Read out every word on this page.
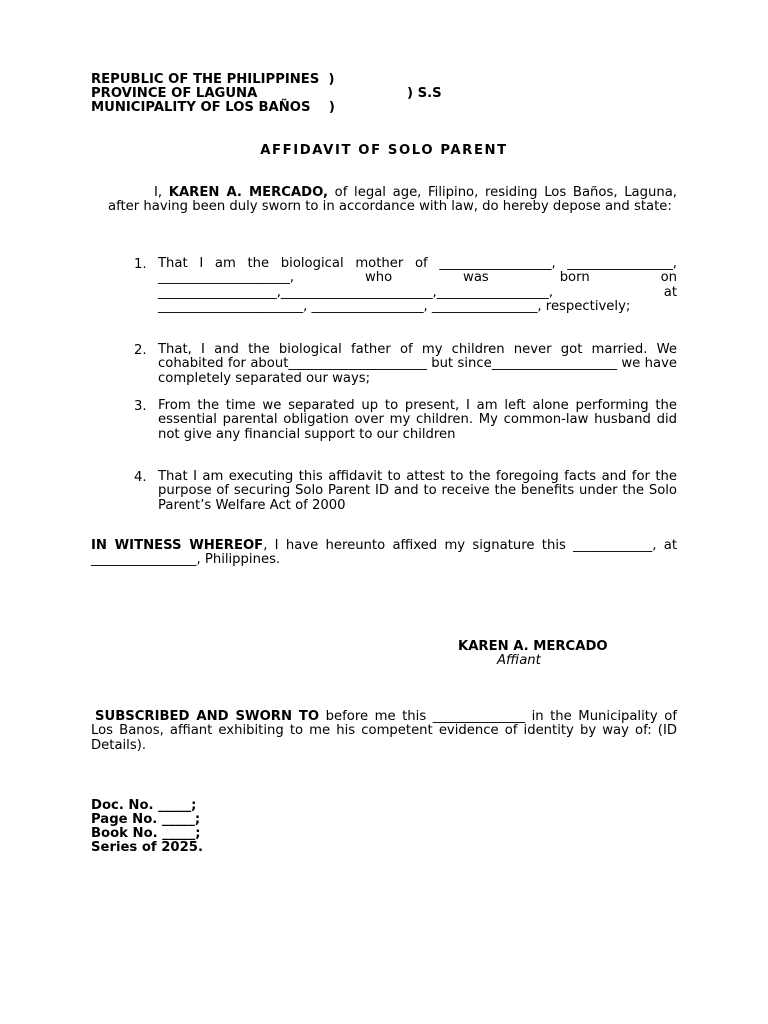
REPUBLIC OF THE PHILIPPINES  )
PROVINCE OF LAGUNA	) S.S
MUNICIPALITY OF LOS BAÑOS    )
AFFIDAVIT OF SOLO PARENT
I, KAREN A. MERCADO, of legal age, Filipino, residing Los Baños, Laguna, after having been duly sworn to in accordance with law, do hereby depose and state:
1. That I am the biological mother of _________________, ________________, ____________________, who was born on __________________,_______________________,_________________, at ______________________, _________________, ________________, respectively;
2. That, I and the biological father of my children never got married. We cohabited for about_____________________ but since___________________ we have completely separated our ways;
3. From the time we separated up to present, I am left alone performing the essential parental obligation over my children. My common-law husband did not give any financial support to our children
4. That I am executing this affidavit to attest to the foregoing facts and for the purpose of securing Solo Parent ID and to receive the benefits under the Solo Parent’s Welfare Act of 2000
IN WITNESS WHEREOF, I have hereunto affixed my signature this ____________, at ________________, Philippines.
KAREN A. MERCADO
Affiant
SUBSCRIBED AND SWORN TO before me this ______________ in the Municipality of Los Banos, affiant exhibiting to me his competent evidence of identity by way of: (ID Details).
Doc. No. _____;
Page No. _____;
Book No. _____;
Series of 2025.
